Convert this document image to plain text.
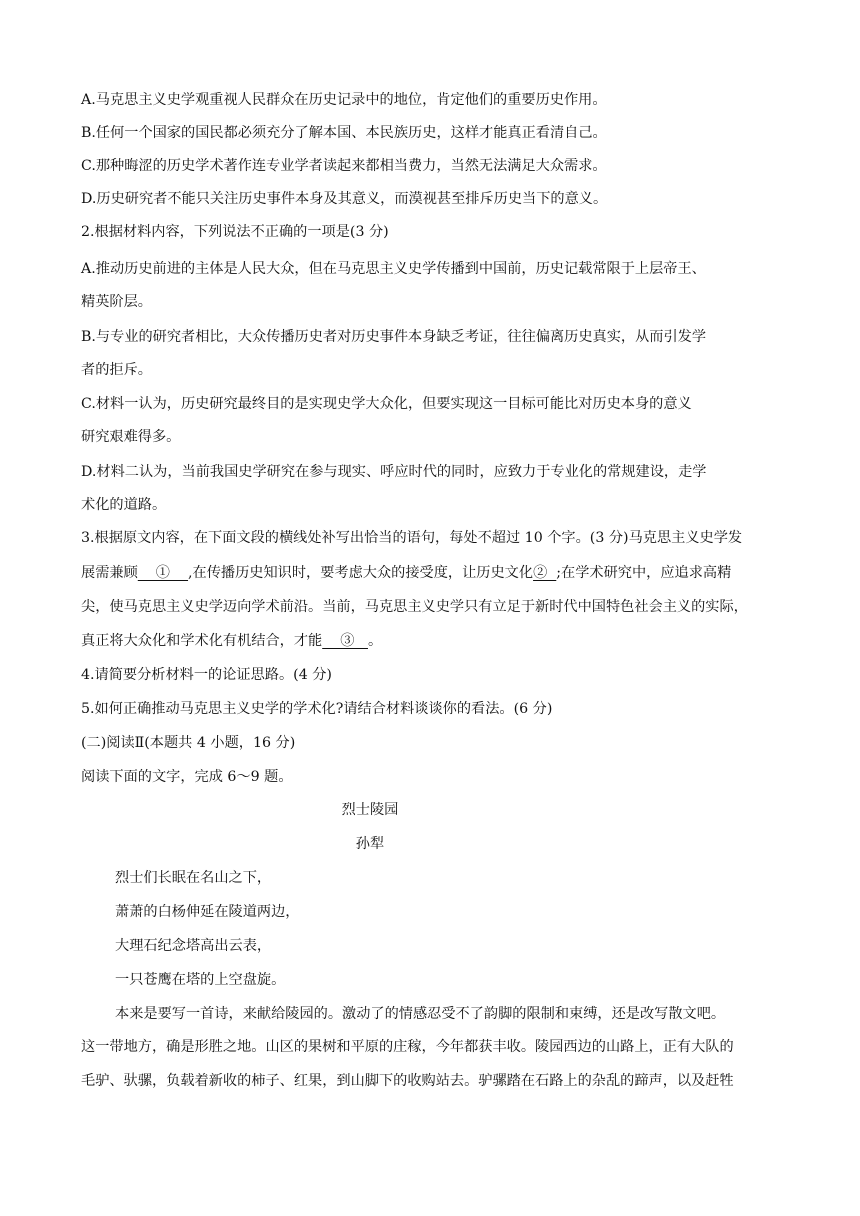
A.马克思主义史学观重视人民群众在历史记录中的地位，肯定他们的重要历史作用。
B.任何一个国家的国民都必须充分了解本国、本民族历史，这样才能真正看清自己。
C.那种晦涩的历史学术著作连专业学者读起来都相当费力，当然无法满足大众需求。
D.历史研究者不能只关注历史事件本身及其意义，而漠视甚至排斥历史当下的意义。
2.根据材料内容，下列说法不正确的一项是(3 分)
A.推动历史前进的主体是人民大众，但在马克思主义史学传播到中国前，历史记载常限于上层帝王、
精英阶层。
B.与专业的研究者相比，大众传播历史者对历史事件本身缺乏考证，往往偏离历史真实，从而引发学
者的拒斥。
C.材料一认为，历史研究最终目的是实现史学大众化，但要实现这一目标可能比对历史本身的意义
研究艰难得多。
D.材料二认为，当前我国史学研究在参与现实、呼应时代的同时，应致力于专业化的常规建设，走学
术化的道路。
3.根据原文内容，在下面文段的横线处补写出恰当的语句，每处不超过 10 个字。(3 分)马克思主义史学发
展需兼顾    ①    ,在传播历史知识时，要考虑大众的接受度，让历史文化②  ;在学术研究中，应追求高精
尖，使马克思主义史学迈向学术前沿。当前，马克思主义史学只有立足于新时代中国特色社会主义的实际，
真正将大众化和学术化有机结合，才能    ③   。
4.请简要分析材料一的论证思路。(4 分)
5.如何正确推动马克思主义史学的学术化?请结合材料谈谈你的看法。(6 分)
(二)阅读Ⅱ(本题共 4 小题，16 分)
阅读下面的文字，完成 6～9 题。
烈士陵园
孙犁
烈士们长眠在名山之下，
萧萧的白杨伸延在陵道两边，
大理石纪念塔高出云表，
一只苍鹰在塔的上空盘旋。
本来是要写一首诗，来献给陵园的。激动了的情感忍受不了韵脚的限制和束缚，还是改写散文吧。
这一带地方，确是形胜之地。山区的果树和平原的庄稼，今年都获丰收。陵园西边的山路上，正有大队的
毛驴、驮骡，负载着新收的柿子、红果，到山脚下的收购站去。驴骡踏在石路上的杂乱的蹄声，以及赶牲
